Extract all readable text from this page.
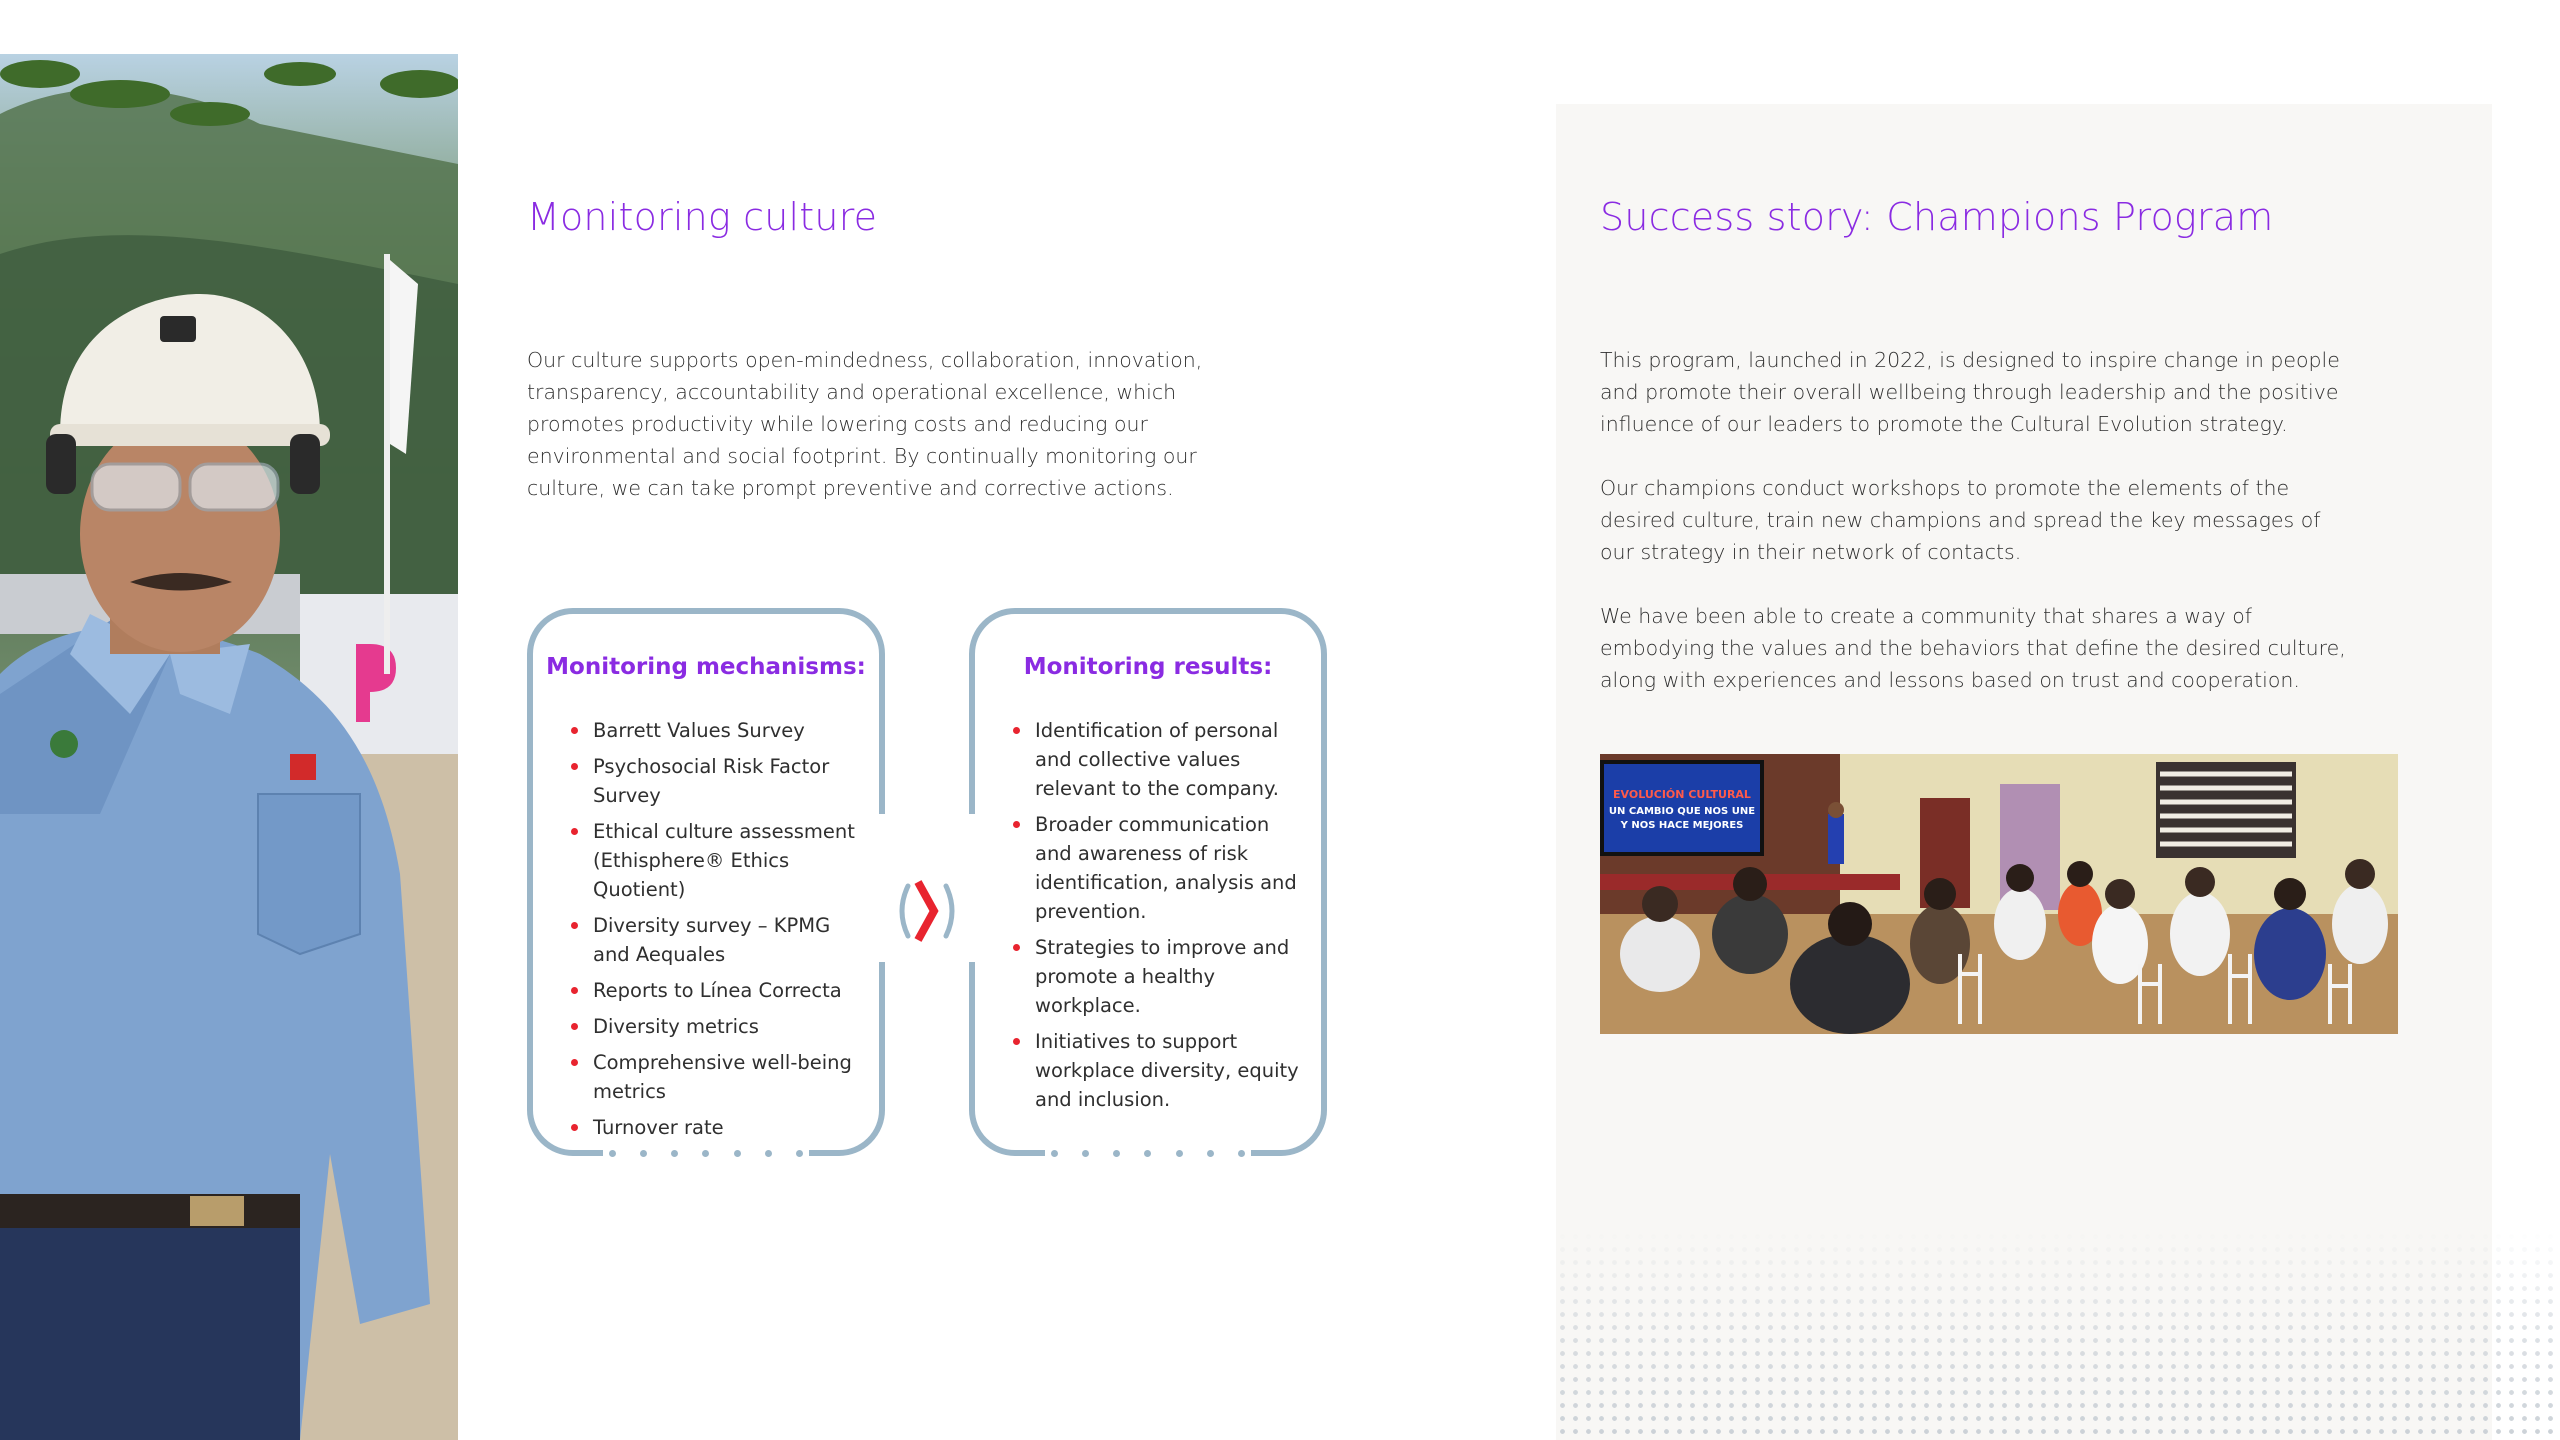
Monitoring culture

Our culture supports open-mindedness, collaboration, innovation, transparency, accountability and operational excellence, which promotes productivity while lowering costs and reducing our environmental and social footprint. By continually monitoring our culture, we can take prompt preventive and corrective actions.

Monitoring mechanisms:
Barrett Values Survey
Psychosocial Risk Factor Survey
Ethical culture assessment (Ethisphere® Ethics Quotient)
Diversity survey – KPMG and Aequales
Reports to Línea Correcta
Diversity metrics
Comprehensive well-being metrics
Turnover rate
Monitoring results:
Identification of personal and collective values relevant to the company.
Broader communication and awareness of risk identification, analysis and prevention.
Strategies to improve and promote a healthy workplace.
Initiatives to support workplace diversity, equity and inclusion.
Success story: Champions Program

This program, launched in 2022, is designed to inspire change in people and promote their overall wellbeing through leadership and the positive influence of our leaders to promote the Cultural Evolution strategy.

Our champions conduct workshops to promote the elements of the desired culture, train new champions and spread the key messages of our strategy in their network of contacts.

We have been able to create a community that shares a way of embodying the values and the behaviors that define the desired culture, along with experiences and lessons based on trust and cooperation.

EVOLUCIÓN CULTURAL
UN CAMBIO QUE NOS UNE
Y NOS HACE MEJORES
